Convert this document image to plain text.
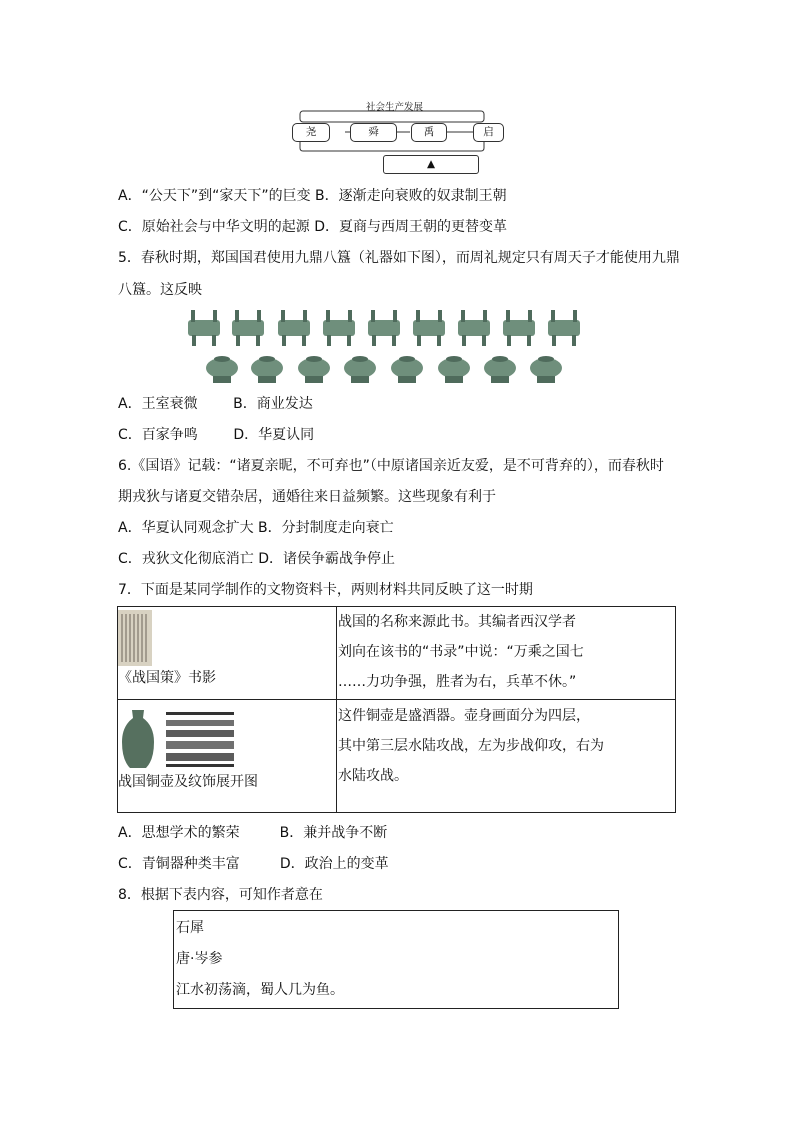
社会生产发展
尧	舜	禹	启
▲
A．“公天下”到“家天下”的巨变 B．逐渐走向衰败的奴隶制王朝
C．原始社会与中华文明的起源 D．夏商与西周王朝的更替变革
5．春秋时期，郑国国君使用九鼎八簋（礼器如下图），而周礼规定只有周天子才能使用九鼎
八簋。这反映
A．王室衰微        B．商业发达
C．百家争鸣        D．华夏认同
6.《国语》记载：“诸夏亲昵，不可弃也”（中原诸国亲近友爱，是不可背弃的），而春秋时
期戎狄与诸夏交错杂居，通婚往来日益频繁。这些现象有利于
A．华夏认同观念扩大 B．分封制度走向衰亡
C．戎狄文化彻底消亡 D．诸侯争霸战争停止
7．下面是某同学制作的文物资料卡，两则材料共同反映了这一时期
《战国策》书影	战国的名称来源此书。其编者西汉学者
刘向在该书的“书录”中说：“万乘之国七
……力功争强，胜者为右，兵革不休。”

战国铜壶及纹饰展开图	这件铜壶是盛酒器。壶身画面分为四层，
其中第三层水陆攻战，左为步战仰攻，右为
水陆攻战。
A．思想学术的繁荣         B．兼并战争不断
C．青铜器种类丰富         D．政治上的变革
8．根据下表内容，可知作者意在
石犀
唐·岑参
江水初荡滴，蜀人几为鱼。
